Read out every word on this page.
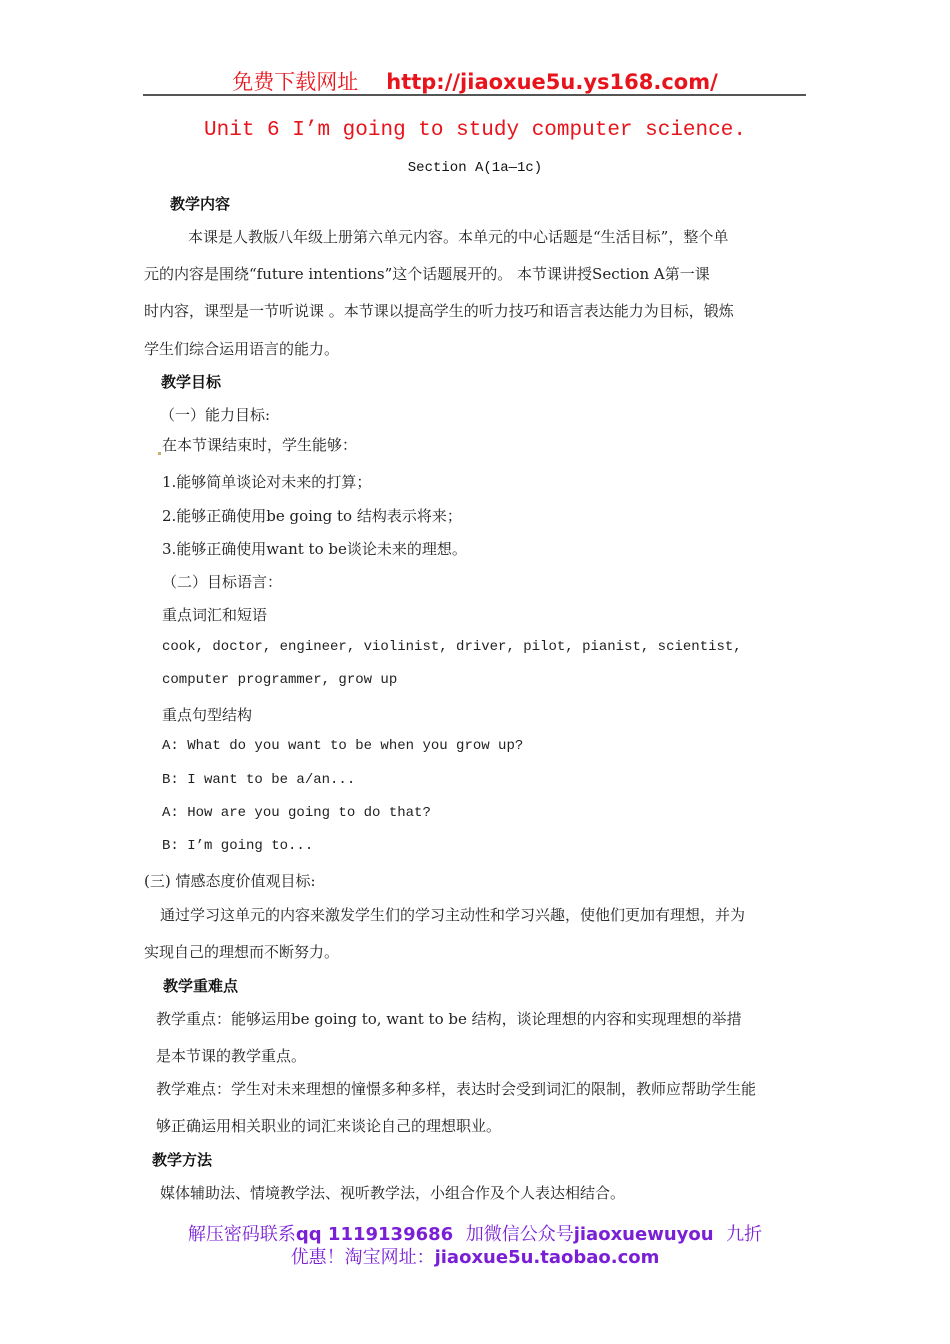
免费下载网址 http://jiaoxue5u.ys168.com/
Unit 6 I’m going to study computer science.
Section A(1a—1c)
教学内容
本课是人教版八年级上册第六单元内容。本单元的中心话题是“生活目标”，整个单
元的内容是围绕“future intentions”这个话题展开的。 本节课讲授Section A第一课
时内容，课型是一节听说课 。本节课以提高学生的听力技巧和语言表达能力为目标，锻炼
学生们综合运用语言的能力。
教学目标
（一）能力目标:
在本节课结束时，学生能够：
1.能够简单谈论对未来的打算；
2.能够正确使用be going to 结构表示将来；
3.能够正确使用want to be谈论未来的理想。
（二）目标语言：
重点词汇和短语
cook, doctor, engineer, violinist, driver, pilot, pianist, scientist,
computer programmer, grow up
重点句型结构
A: What do you want to be when you grow up?
B: I want to be a/an...
A: How are you going to do that?
B: I’m going to...
(三) 情感态度价值观目标:
通过学习这单元的内容来激发学生们的学习主动性和学习兴趣，使他们更加有理想，并为
实现自己的理想而不断努力。
教学重难点
教学重点：能够运用be going to, want to be 结构，谈论理想的内容和实现理想的举措
是本节课的教学重点。
教学难点：学生对未来理想的憧憬多种多样，表达时会受到词汇的限制，教师应帮助学生能
够正确运用相关职业的词汇来谈论自己的理想职业。
教学方法
媒体辅助法、情境教学法、视听教学法，小组合作及个人表达相结合。
解压密码联系qq 1119139686 加微信公众号jiaoxuewuyou 九折
优惠！淘宝网址：jiaoxue5u.taobao.com
